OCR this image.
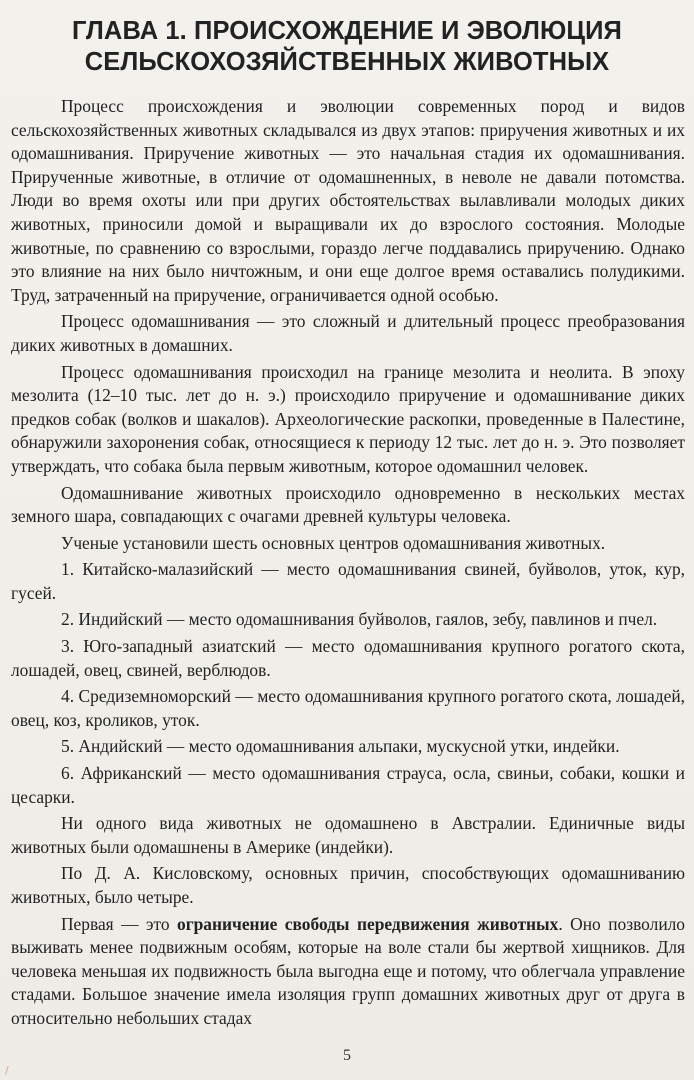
ГЛАВА 1. ПРОИСХОЖДЕНИЕ И ЭВОЛЮЦИЯ
СЕЛЬСКОХОЗЯЙСТВЕННЫХ ЖИВОТНЫХ

Процесс происхождения и эволюции современных пород и видов сельскохозяйственных животных складывался из двух этапов: приручения животных и их одомашнивания. Приручение животных — это начальная стадия их одомашнивания. Прирученные животные, в отличие от одомашненных, в неволе не давали потомства. Люди во время охоты или при других обстоятельствах вылавливали молодых диких животных, приносили домой и выращивали их до взрослого состояния. Молодые животные, по сравнению со взрослыми, гораздо легче поддавались приручению. Однако это влияние на них было ничтожным, и они еще долгое время оставались полудикими. Труд, затраченный на приручение, ограничивается одной особью.

Процесс одомашнивания — это сложный и длительный процесс преобразования диких животных в домашних.

Процесс одомашнивания происходил на границе мезолита и неолита. В эпоху мезолита (12–10 тыс. лет до н. э.) происходило приручение и одомашнивание диких предков собак (волков и шакалов). Археологические раскопки, проведенные в Палестине, обнаружили захоронения собак, относящиеся к периоду 12 тыс. лет до н. э. Это позволяет утверждать, что собака была первым животным, которое одомашнил человек.

Одомашнивание животных происходило одновременно в нескольких местах земного шара, совпадающих с очагами древней культуры человека.

Ученые установили шесть основных центров одомашнивания животных.

1. Китайско-малазийский — место одомашнивания свиней, буйволов, уток, кур, гусей.

2. Индийский — место одомашнивания буйволов, гаялов, зебу, павлинов и пчел.

3. Юго-западный азиатский — место одомашнивания крупного рогатого скота, лошадей, овец, свиней, верблюдов.

4. Средиземноморский — место одомашнивания крупного рогатого скота, лошадей, овец, коз, кроликов, уток.

5. Андийский — место одомашнивания альпаки, мускусной утки, индейки.

6. Африканский — место одомашнивания страуса, осла, свиньи, собаки, кошки и цесарки.

Ни одного вида животных не одомашнено в Австралии. Единичные виды животных были одомашнены в Америке (индейки).

По Д. А. Кисловскому, основных причин, способствующих одомашниванию животных, было четыре.

Первая — это ограничение свободы передвижения животных. Оно позволило выживать менее подвижным особям, которые на воле стали бы жертвой хищников. Для человека меньшая их подвижность была выгодна еще и потому, что облегчала управление стадами. Большое значение имела изоляция групп домашних животных друг от друга в относительно небольших стадах

5
/
